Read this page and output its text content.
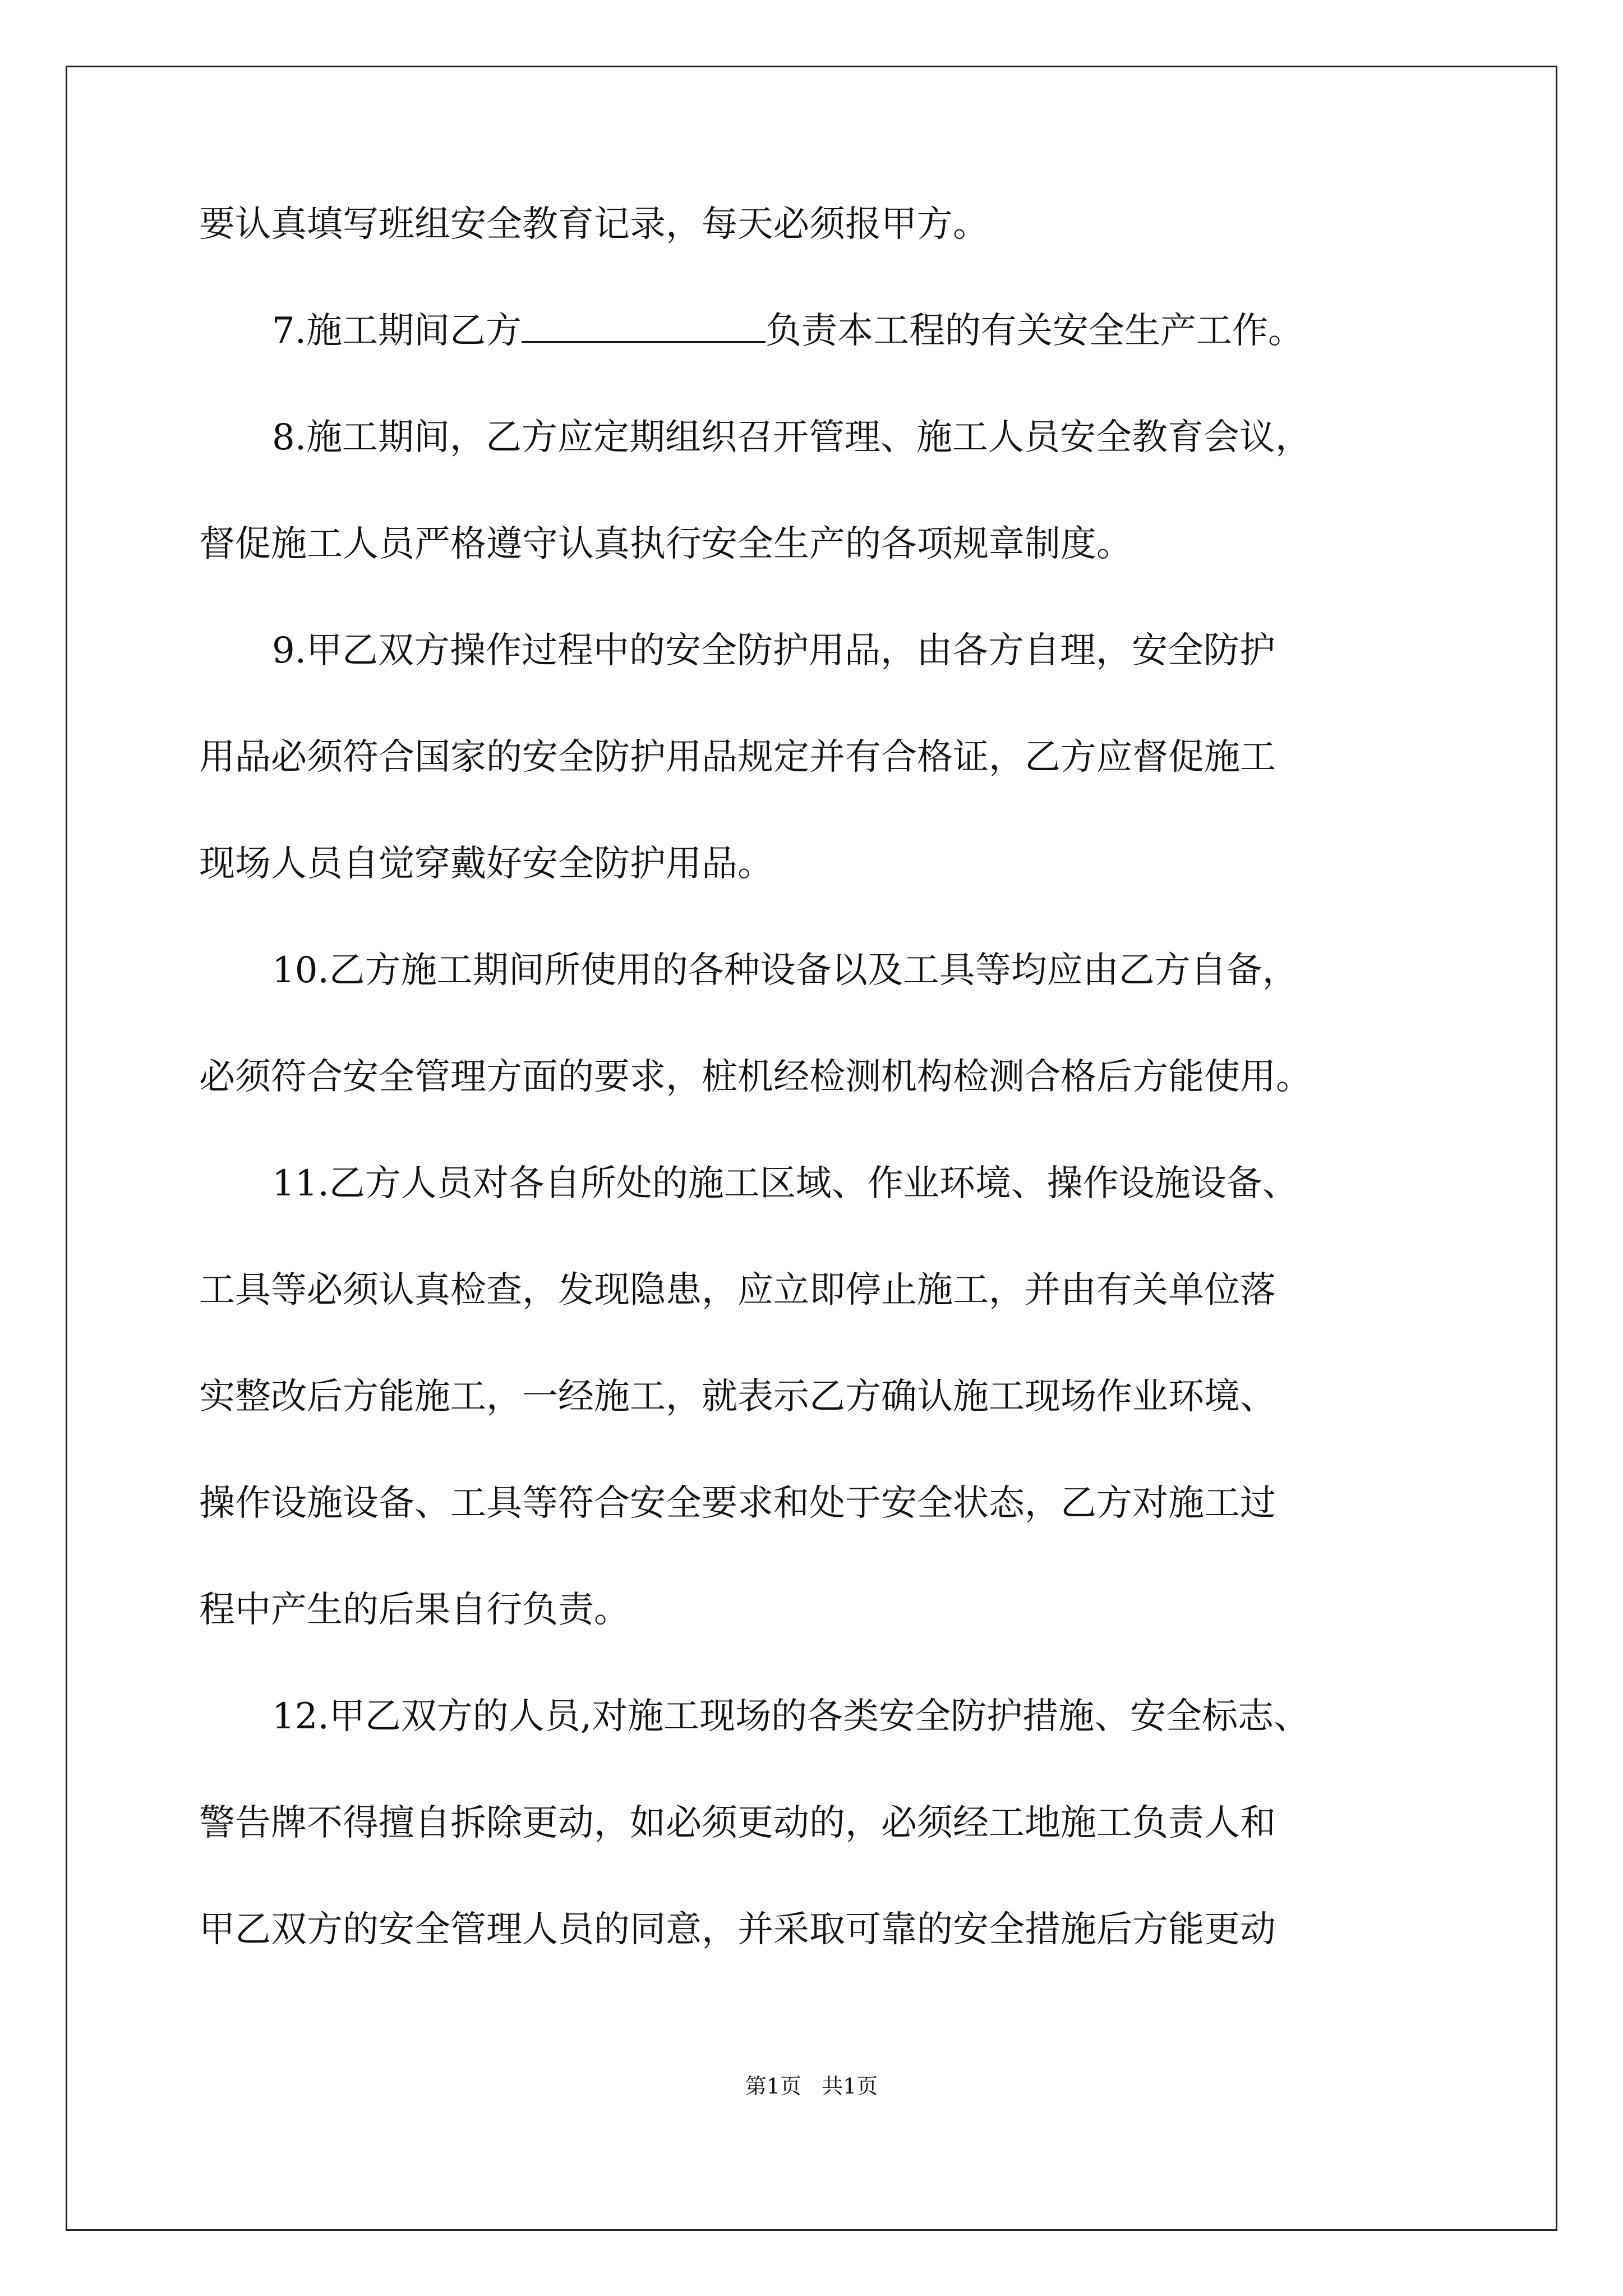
要认真填写班组安全教育记录，每天必须报甲方。
7.施工期间乙方	负责本工程的有关安全生产工作。
8.施工期间，乙方应定期组织召开管理、施工人员安全教育会议，
督促施工人员严格遵守认真执行安全生产的各项规章制度。
9.甲乙双方操作过程中的安全防护用品，由各方自理，安全防护
用品必须符合国家的安全防护用品规定并有合格证，乙方应督促施工
现场人员自觉穿戴好安全防护用品。
10.乙方施工期间所使用的各种设备以及工具等均应由乙方自备，
必须符合安全管理方面的要求，桩机经检测机构检测合格后方能使用。
11.乙方人员对各自所处的施工区域、作业环境、操作设施设备、
工具等必须认真检查，发现隐患，应立即停止施工，并由有关单位落
实整改后方能施工，一经施工，就表示乙方确认施工现场作业环境、
操作设施设备、工具等符合安全要求和处于安全状态，乙方对施工过
程中产生的后果自行负责。
12.甲乙双方的人员,对施工现场的各类安全防护措施、安全标志、
警告牌不得擅自拆除更动，如必须更动的，必须经工地施工负责人和
甲乙双方的安全管理人员的同意，并采取可靠的安全措施后方能更动
第1页   共1页
